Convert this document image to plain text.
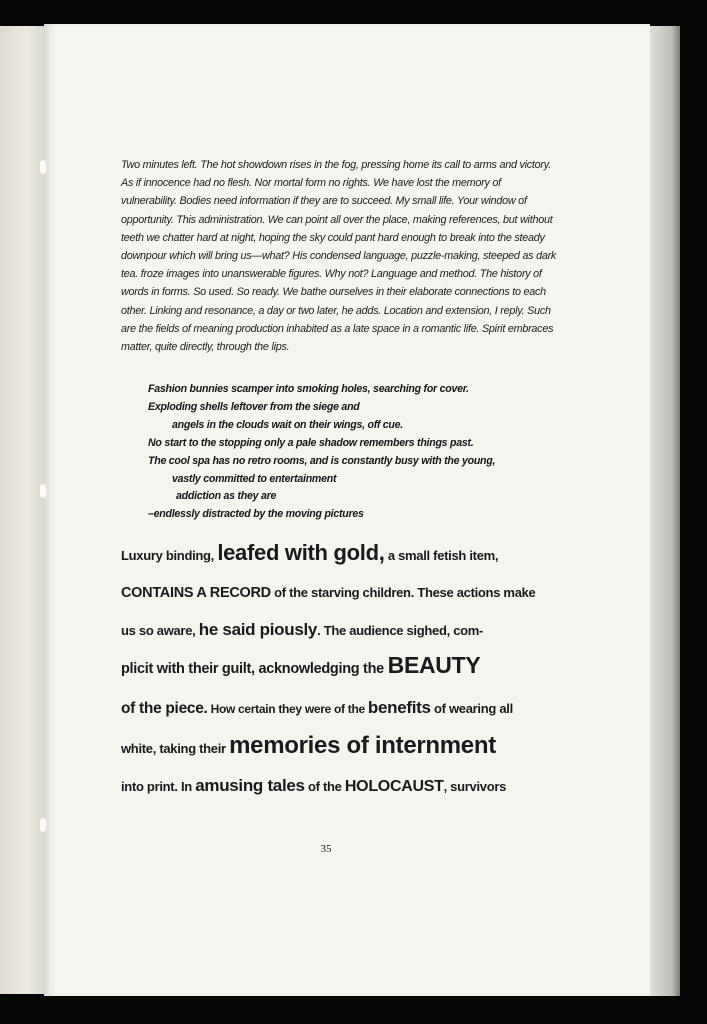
Two minutes left. The hot showdown rises in the fog, pressing home its call to arms and victory. As if innocence had no flesh. Nor mortal form no rights. We have lost the memory of vulnerability. Bodies need information if they are to succeed. My small life. Your window of opportunity. This administration. We can point all over the place, making references, but without teeth we chatter hard at night, hoping the sky could pant hard enough to break into the steady downpour which will bring us—what? His condensed language, puzzle-making, steeped as dark tea. froze images into unanswerable figures. Why not? Language and method. The history of words in forms. So used. So ready. We bathe ourselves in their elaborate connections to each other. Linking and resonance, a day or two later, he adds. Location and extension, I reply. Such are the fields of meaning production inhabited as a late space in a romantic life. Spirit embraces matter, quite directly, through the lips.

Fashion bunnies scamper into smoking holes, searching for cover.
Exploding shells leftover from the siege and
angels in the clouds wait on their wings, off cue.
No start to the stopping only a pale shadow remembers things past.
The cool spa has no retro rooms, and is constantly busy with the young,
vastly committed to entertainment
addiction as they are
–endlessly distracted by the moving pictures
Luxury binding, leafed with gold, a small fetish item,
CONTAINS A RECORD of the starving children. These actions make
us so aware, he said piously. The audience sighed, com-
plicit with their guilt, acknowledging the BEAUTY
of the piece. How certain they were of the benefits of wearing all
white, taking their memories of internment
into print. In amusing tales of the HOLOCAUST, survivors
35
